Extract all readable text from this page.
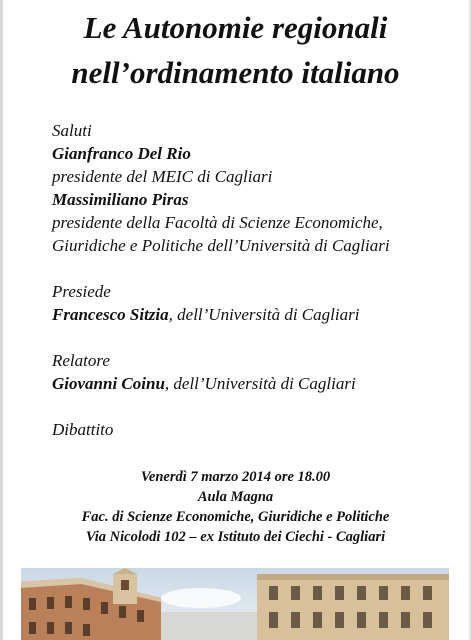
Le Autonomie regionali
nell’ordinamento italiano
Saluti
Gianfranco Del Rio
presidente del MEIC di Cagliari
Massimiliano Piras
presidente della Facoltà di Scienze Economiche,
Giuridiche e Politiche dell’Università di Cagliari
Presiede
Francesco Sitzia, dell’Università di Cagliari
Relatore
Giovanni Coinu, dell’Università di Cagliari
Dibattito
Venerdì 7 marzo 2014 ore 18.00
Aula Magna
Fac. di Scienze Economiche, Giuridiche e Politiche
Via Nicolodi 102 – ex Istituto dei Ciechi - Cagliari
